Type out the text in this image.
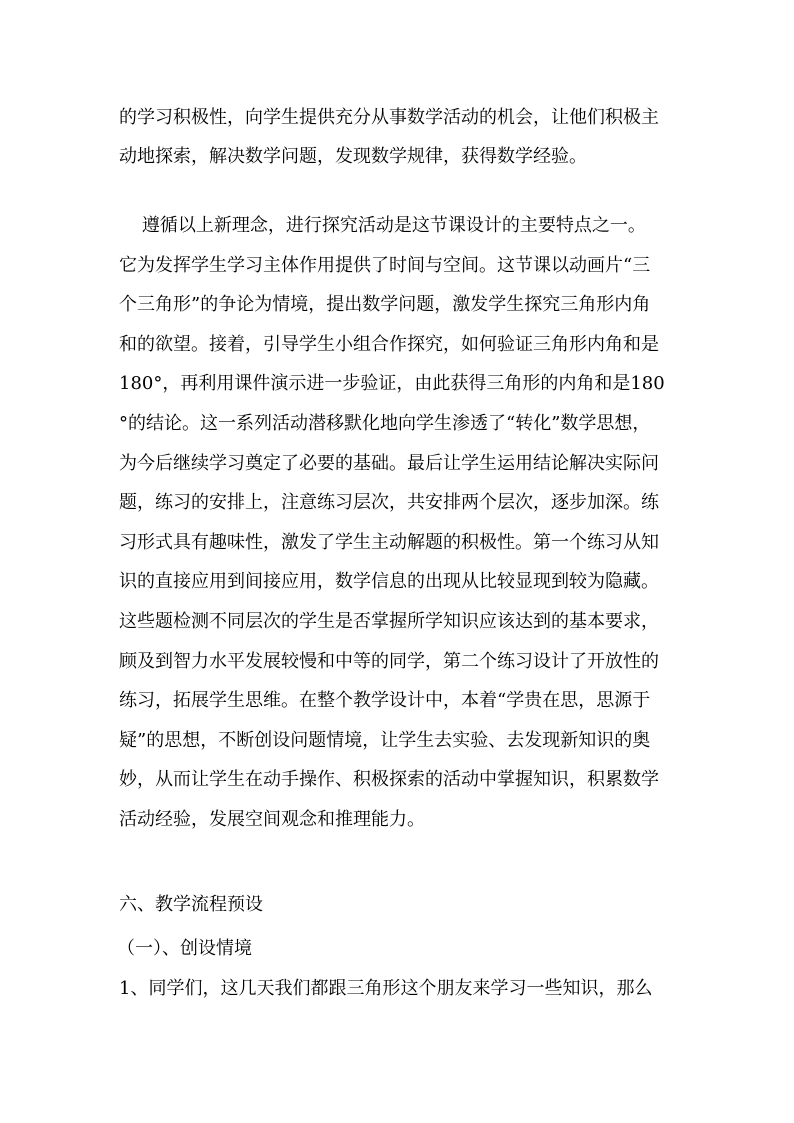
的学习积极性，向学生提供充分从事数学活动的机会，让他们积极主
动地探索，解决数学问题，发现数学规律，获得数学经验。
遵循以上新理念，进行探究活动是这节课设计的主要特点之一。
它为发挥学生学习主体作用提供了时间与空间。这节课以动画片“三
个三角形”的争论为情境，提出数学问题，激发学生探究三角形内角
和的欲望。接着，引导学生小组合作探究，如何验证三角形内角和是
180°，再利用课件演示进一步验证，由此获得三角形的内角和是180
°的结论。这一系列活动潜移默化地向学生渗透了“转化”数学思想，
为今后继续学习奠定了必要的基础。最后让学生运用结论解决实际问
题，练习的安排上，注意练习层次，共安排两个层次，逐步加深。练
习形式具有趣味性，激发了学生主动解题的积极性。第一个练习从知
识的直接应用到间接应用，数学信息的出现从比较显现到较为隐藏。
这些题检测不同层次的学生是否掌握所学知识应该达到的基本要求，
顾及到智力水平发展较慢和中等的同学，第二个练习设计了开放性的
练习，拓展学生思维。在整个教学设计中，本着“学贵在思，思源于
疑”的思想，不断创设问题情境，让学生去实验、去发现新知识的奥
妙，从而让学生在动手操作、积极探索的活动中掌握知识，积累数学
活动经验，发展空间观念和推理能力。

六、教学流程预设

（一）、创设情境

1、同学们，这几天我们都跟三角形这个朋友来学习一些知识，那么
